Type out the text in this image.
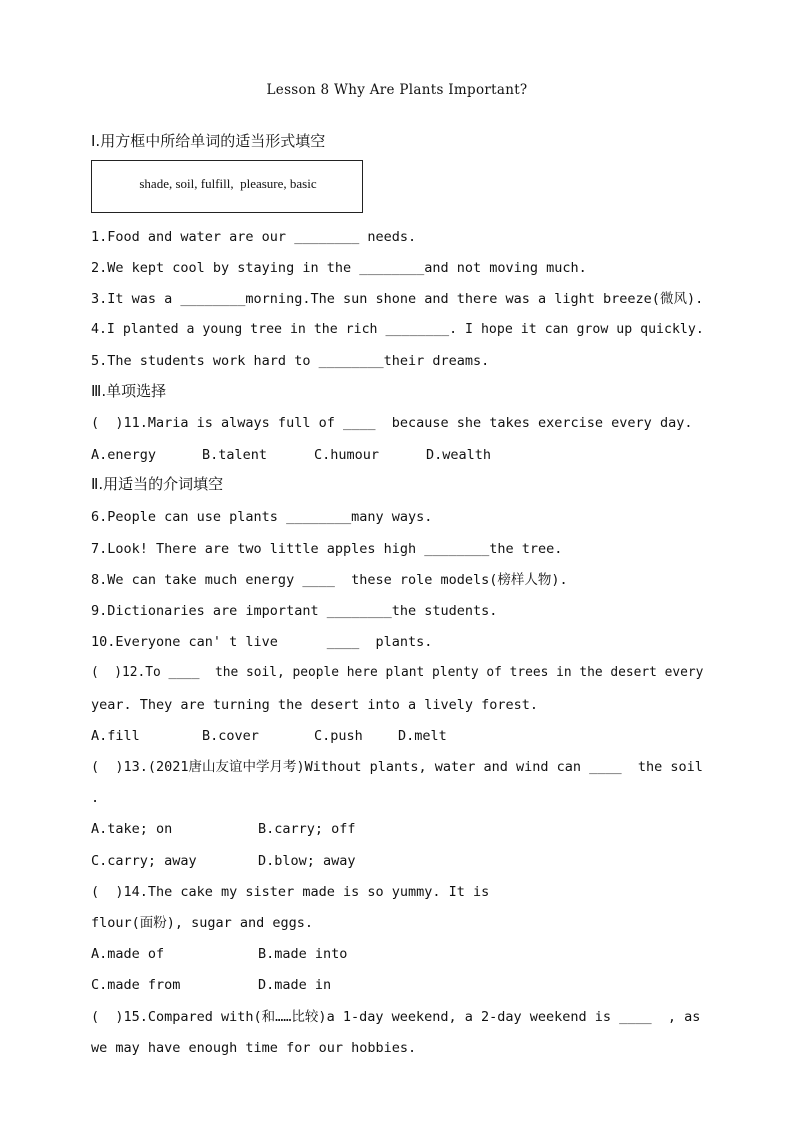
Lesson 8 Why Are Plants Important?
Ⅰ.用方框中所给单词的适当形式填空
shade, soil, fulfill,  pleasure, basic
1.Food and water are our ________ needs.
2.We kept cool by staying in the ________and not moving much.
3.It was a ________morning.The sun shone and there was a light breeze(微风).
4.I planted a young tree in the rich ________. I hope it can grow up quickly.
5.The students work hard to ________their dreams.
Ⅲ.单项选择
(  )11.Maria is always full of ____  because she takes exercise every day.
A.energy	B.talent	C.humour	D.wealth
Ⅱ.用适当的介词填空
6.People can use plants ________many ways.
7.Look! There are two little apples high ________the tree.
8.We can take much energy ____  these role models(榜样人物).
9.Dictionaries are important ________the students.
10.Everyone can' t live      ____  plants.
(  )12.To ____  the soil, people here plant plenty of trees in the desert every
year. They are turning the desert into a lively forest.
A.fill	B.cover	C.push	D.melt
(  )13.(2021唐山友谊中学月考)Without plants, water and wind can ____  the soil
.
A.take; on	B.carry; off
C.carry; away	D.blow; away
(  )14.The cake my sister made is so yummy. It is
flour(面粉), sugar and eggs.
A.made of	B.made into
C.made from	D.made in
(  )15.Compared with(和……比较)a 1-day weekend, a 2-day weekend is ____  , as
we may have enough time for our hobbies.
